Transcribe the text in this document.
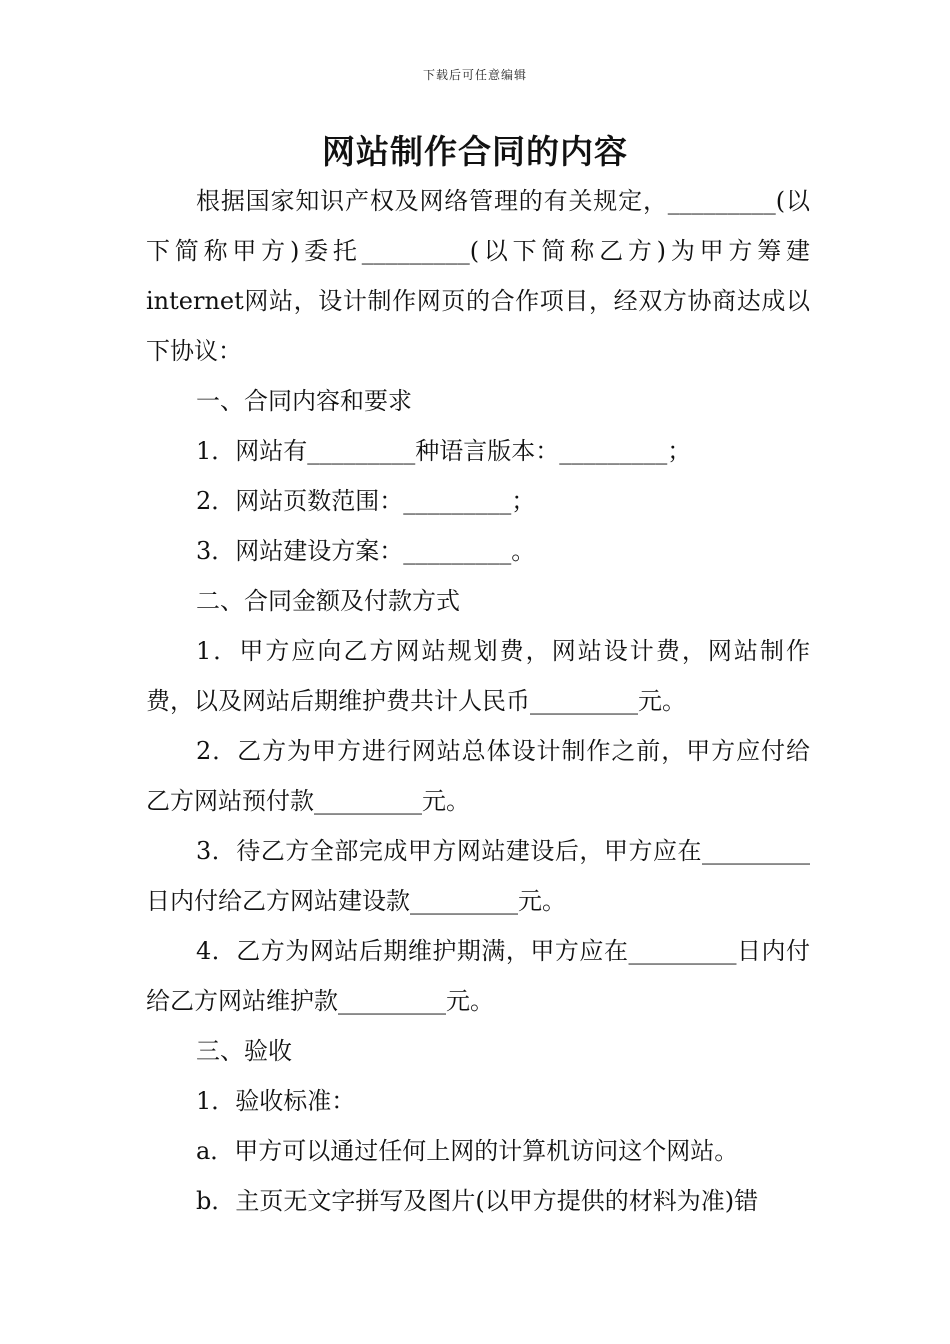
下载后可任意编辑
网站制作合同的内容

根据国家知识产权及网络管理的有关规定，_________(以下简称甲方)委托_________(以下简称乙方)为甲方筹建internet网站，设计制作网页的合作项目，经双方协商达成以下协议：

一、合同内容和要求

1．网站有_________种语言版本：_________；

2．网站页数范围：_________；

3．网站建设方案：_________。

二、合同金额及付款方式

1．甲方应向乙方网站规划费，网站设计费，网站制作费，以及网站后期维护费共计人民币_________元。

2．乙方为甲方进行网站总体设计制作之前，甲方应付给乙方网站预付款_________元。

3．待乙方全部完成甲方网站建设后，甲方应在_________日内付给乙方网站建设款_________元。

4．乙方为网站后期维护期满，甲方应在_________日内付给乙方网站维护款_________元。

三、验收

1．验收标准：

a．甲方可以通过任何上网的计算机访问这个网站。

b．主页无文字拼写及图片(以甲方提供的材料为准)错
